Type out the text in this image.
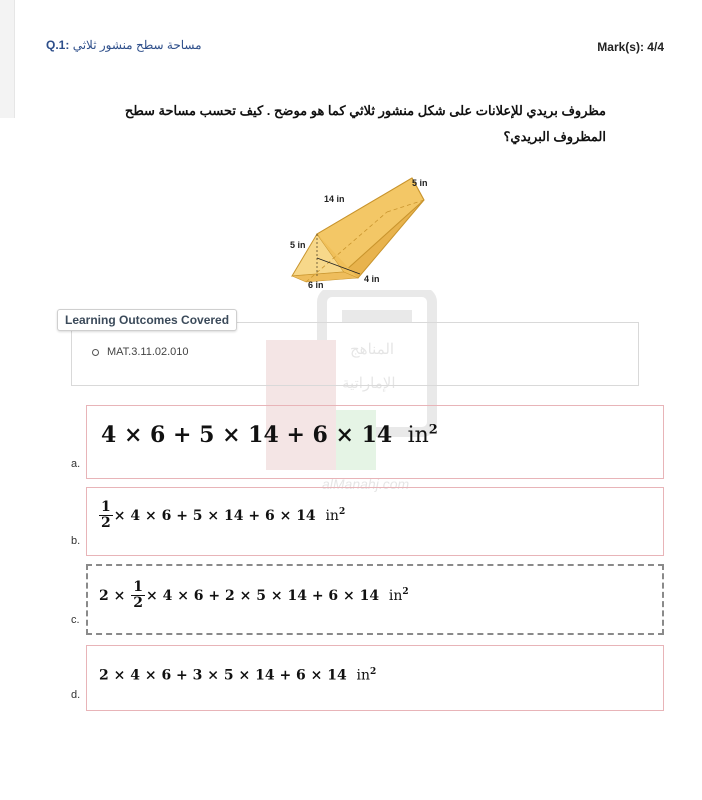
Q.1: مساحة سطح منشور ثلاثي	Mark(s): 4/4
مظروف بريدي للإعلانات على شكل منشور ثلاثي كما هو موضح . كيف تحسب مساحة سطح المظروف البريدي؟
14 in
5 in
5 in
6 in
4 in
alManahj.com
المناهج
الإماراتية
Learning Outcomes Covered
MAT.3.11.02.010
a.
4 × 6 + 5 × 14 + 6 × 14 $in^2$
b.
$\frac{1}{2} \times 4 \times 6 + 5 \times 14 + 6 \times 14$ $in^2$
c.
$2 \times \frac{1}{2} \times 4 \times 6 + 2 \times 5 \times 14 + 6 \times 14$ $in^2$
d.
2 × 4 × 6 + 3 × 5 × 14 + 6 × 14 $in^2$
